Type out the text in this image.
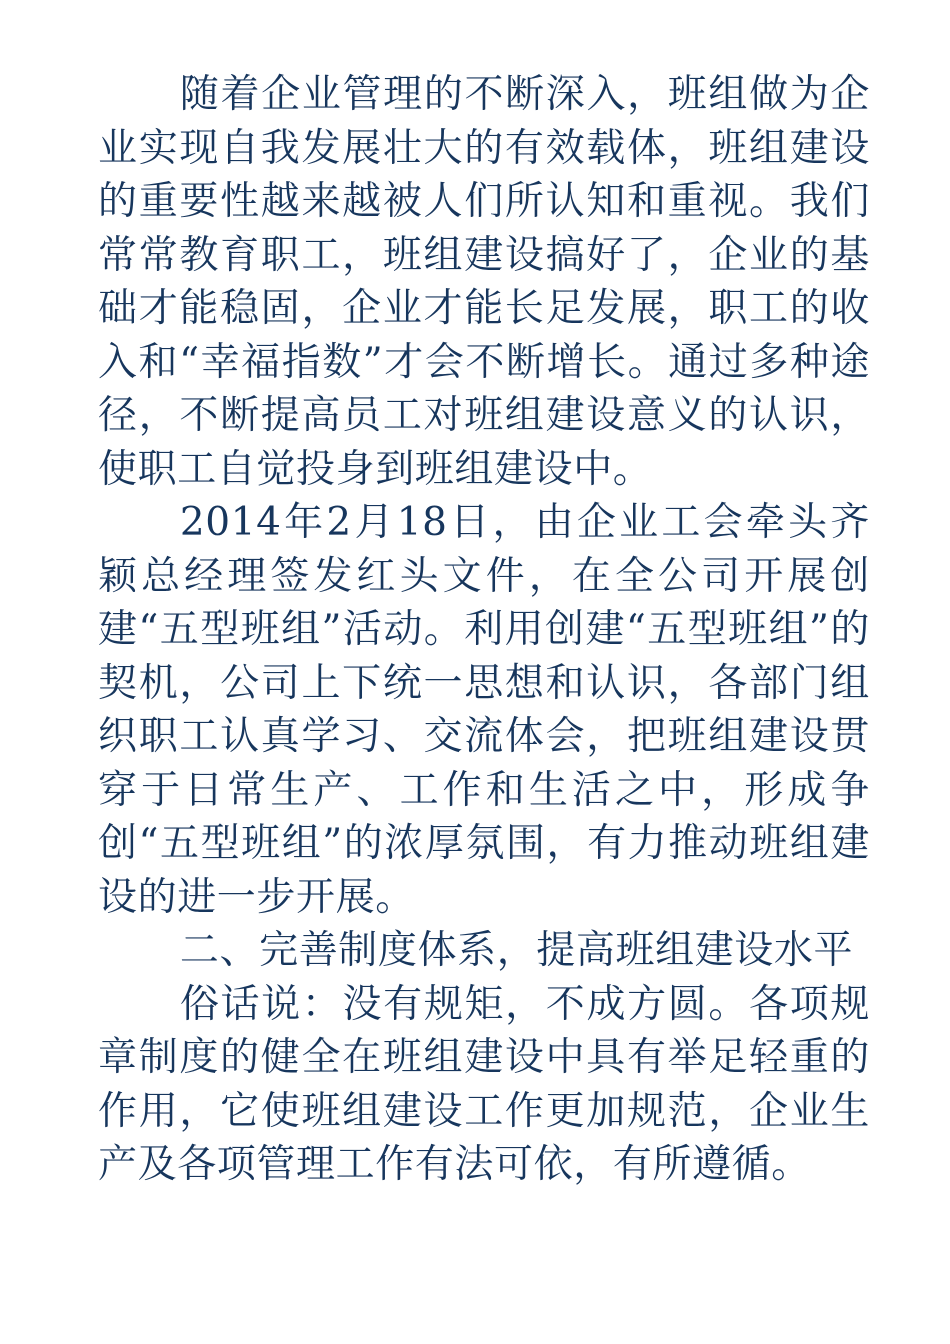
随着企业管理的不断深入，班组做为企业实现自我发展壮大的有效载体，班组建设的重要性越来越被人们所认知和重视。我们常常教育职工，班组建设搞好了，企业的基础才能稳固，企业才能长足发展，职工的收入和“幸福指数”才会不断增长。通过多种途径，不断提高员工对班组建设意义的认识，使职工自觉投身到班组建设中。

2014年2月18日，由企业工会牵头齐颖总经理签发红头文件，在全公司开展创建“五型班组”活动。利用创建“五型班组”的契机，公司上下统一思想和认识，各部门组织职工认真学习、交流体会，把班组建设贯穿于日常生产、工作和生活之中，形成争创“五型班组”的浓厚氛围，有力推动班组建设的进一步开展。

二、完善制度体系，提高班组建设水平

俗话说：没有规矩，不成方圆。各项规章制度的健全在班组建设中具有举足轻重的作用，它使班组建设工作更加规范，企业生产及各项管理工作有法可依，有所遵循。
